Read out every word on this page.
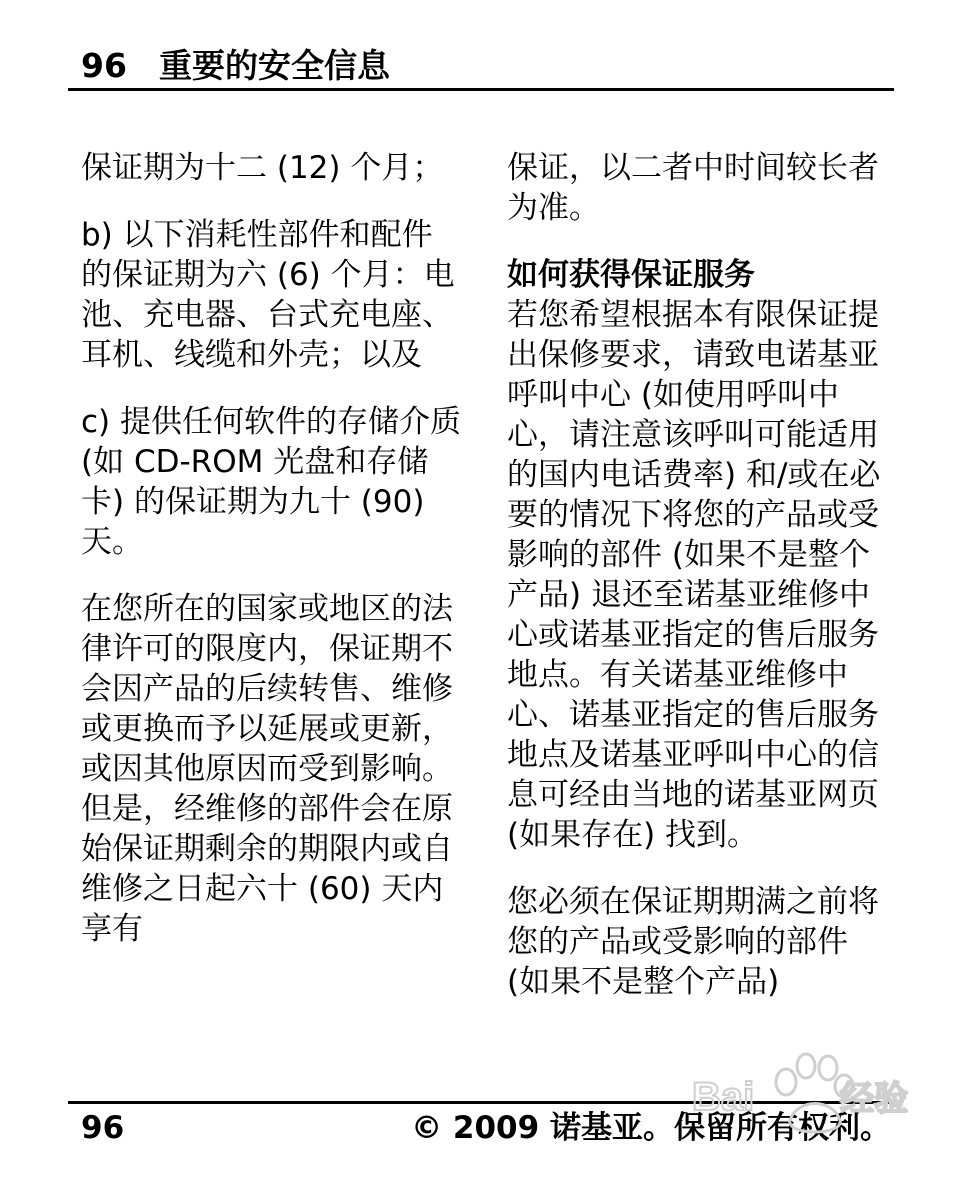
96 重要的安全信息

保证期为十二 (12) 个月；

b) 以下消耗性部件和配件的保证期为六 (6) 个月：电池、充电器、台式充电座、耳机、线缆和外壳；以及

c) 提供任何软件的存储介质 (如 CD-ROM 光盘和存储卡) 的保证期为九十 (90) 天。

在您所在的国家或地区的法律许可的限度内，保证期不会因产品的后续转售、维修或更换而予以延展或更新，或因其他原因而受到影响。但是，经维修的部件会在原始保证期剩余的期限内或自维修之日起六十 (60) 天内享有

保证，以二者中时间较长者为准。

如何获得保证服务

若您希望根据本有限保证提出保修要求，请致电诺基亚呼叫中心 (如使用呼叫中心，请注意该呼叫可能适用的国内电话费率) 和/或在必要的情况下将您的产品或受影响的部件 (如果不是整个产品) 退还至诺基亚维修中心或诺基亚指定的售后服务地点。有关诺基亚维修中心、诺基亚指定的售后服务地点及诺基亚呼叫中心的信息可经由当地的诺基亚网页 (如果存在) 找到。

您必须在保证期期满之前将您的产品或受影响的部件 (如果不是整个产品)

96	© 2009 诺基亚。保留所有权利。
Bai	经验
